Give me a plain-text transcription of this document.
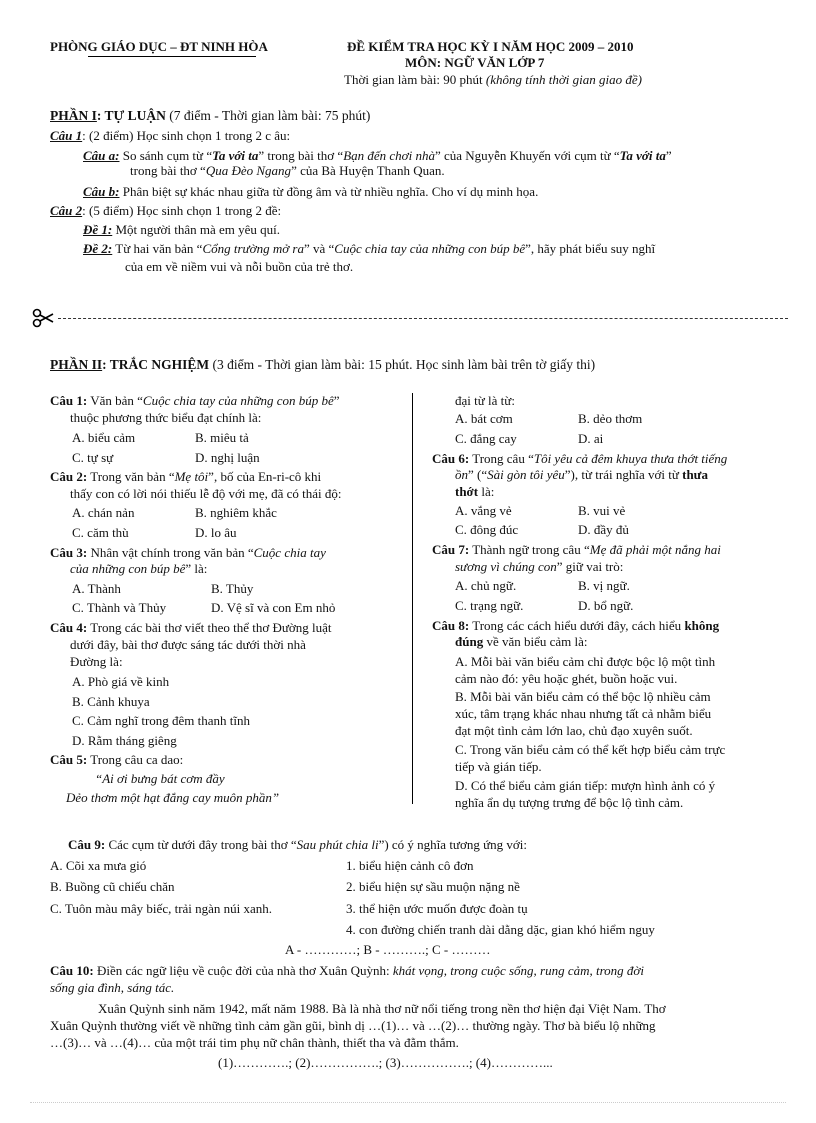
PHÒNG GIÁO DỤC – ĐT NINH HÒA	ĐỀ KIỂM TRA HỌC KỲ I NĂM HỌC 2009 – 2010
MÔN: NGỮ VĂN LỚP 7
Thời gian làm bài: 90 phút (không tính thời gian giao đề)
PHẦN I: TỰ LUẬN (7 điểm - Thời gian làm bài: 75 phút)
Câu 1: (2 điểm) Học sinh chọn 1 trong 2 c âu:
Câu a: So sánh cụm từ “Ta với ta” trong bài thơ “Bạn đến chơi nhà” của Nguyễn Khuyến với cụm từ “Ta với ta”
trong bài thơ “Qua Đèo Ngang” của Bà Huyện Thanh Quan.
Câu b: Phân biệt sự khác nhau giữa từ đồng âm và từ nhiều nghĩa. Cho ví dụ minh họa.
Câu 2: (5 điểm) Học sinh chọn 1 trong 2 đề:
Đề 1: Một người thân mà em yêu quí.
Đề 2: Từ hai văn bản “Cổng trường mở ra” và “Cuộc chia tay của những con búp bê”, hãy phát biểu suy nghĩ
của em về niềm vui và nỗi buồn của trẻ thơ.
PHẦN II: TRẮC NGHIỆM (3 điểm - Thời gian làm bài: 15 phút. Học sinh làm bài trên tờ giấy thi)
Câu 1: Văn bản “Cuộc chia tay của những con búp bê”
thuộc phương thức biểu đạt chính là:
A. biểu cảm	B. miêu tả
C. tự sự	D. nghị luận
Câu 2: Trong văn bản “Mẹ tôi”, bố của En-ri-cô khi
thấy con có lời nói thiếu lễ độ với mẹ, đã có thái độ:
A. chán nản	B. nghiêm khắc
C. căm thù	D. lo âu
Câu 3: Nhân vật chính trong văn bản “Cuộc chia tay
của những con búp bê” là:
A. Thành	B. Thủy
C. Thành và Thủy	D. Vệ sĩ và con Em nhỏ
Câu 4: Trong các bài thơ viết theo thể thơ Đường luật
dưới đây, bài thơ được sáng tác dưới thời nhà
Đường là:
A. Phò giá về kinh
B. Cảnh khuya
C. Cảm nghĩ trong đêm thanh tĩnh
D. Rằm tháng giêng
Câu 5: Trong câu ca dao:
“Ai ơi bưng bát cơm đầy
Dẻo thơm một hạt đắng cay muôn phần”
đại từ là từ:
A. bát cơm	B. dẻo thơm
C. đắng cay	D. ai
Câu 6: Trong câu “Tôi yêu cả đêm khuya thưa thớt tiếng
ồn” (“Sài gòn tôi yêu”), từ trái nghĩa với từ thưa
thớt là:
A. vắng vẻ	B. vui vẻ
C. đông đúc	D. đầy đủ
Câu 7: Thành ngữ trong câu “Mẹ đã phải một nắng hai
sương vì chúng con” giữ vai trò:
A. chủ ngữ.	B. vị ngữ.
C. trạng ngữ.	D. bổ ngữ.
Câu 8: Trong các cách hiểu dưới đây, cách hiểu không
đúng về văn biểu cảm là:
A. Mỗi bài văn biểu cảm chỉ được bộc lộ một tình
cảm nào đó: yêu hoặc ghét, buồn hoặc vui.
B. Mỗi bài văn biểu cảm có thể bộc lộ nhiều cảm
xúc, tâm trạng khác nhau nhưng tất cả nhằm biểu
đạt một tình cảm lớn lao, chủ đạo xuyên suốt.
C. Trong văn biểu cảm có thể kết hợp biểu cảm trực
tiếp và gián tiếp.
D. Có thể biểu cảm gián tiếp: mượn hình ảnh có ý
nghĩa ẩn dụ tượng trưng để bộc lộ tình cảm.
Câu 9: Các cụm từ dưới đây trong bài thơ “Sau phút chia li”) có ý nghĩa tương ứng với:
A. Cõi xa mưa gió
B. Buồng cũ chiếu chăn
C. Tuôn màu mây biếc, trải ngàn núi xanh.
1. biểu hiện cảnh cô đơn
2. biểu hiện sự sầu muộn nặng nề
3. thể hiện ước muốn được đoàn tụ
4. con đường chiến tranh dài dằng dặc, gian khó hiểm nguy
A - …………; B - ……….; C - ………
Câu 10: Điền các ngữ liệu về cuộc đời của nhà thơ Xuân Quỳnh: khát vọng, trong cuộc sống, rung cảm, trong đời
sống gia đình, sáng tác.
Xuân Quỳnh sinh năm 1942, mất năm 1988. Bà là nhà thơ nữ nổi tiếng trong nền thơ hiện đại Việt Nam. Thơ
Xuân Quỳnh thường viết về những tình cảm gần gũi, bình dị …(1)… và …(2)… thường ngày. Thơ bà biểu lộ những
…(3)… và …(4)… của một trái tim phụ nữ chân thành, thiết tha và đằm thắm.
(1)………….; (2)…………….; (3)…………….; (4)…………...
